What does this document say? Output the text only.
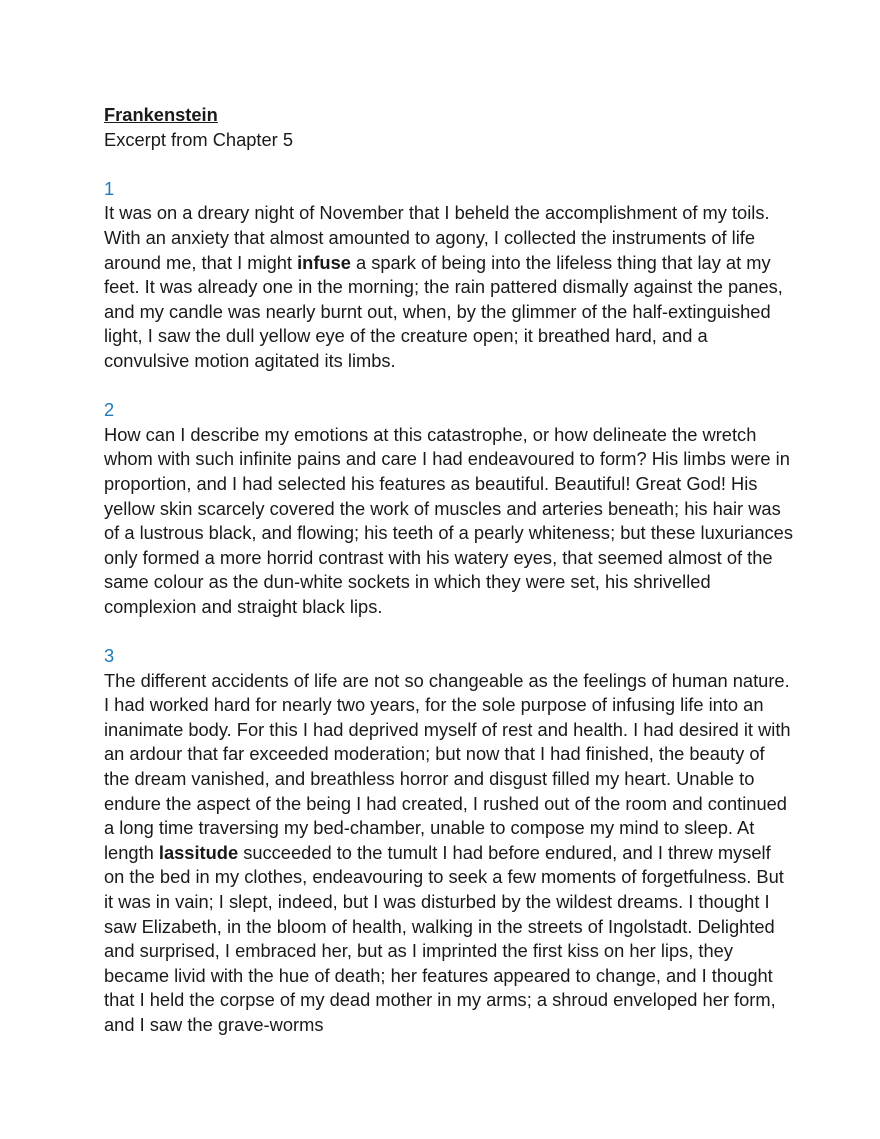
Frankenstein

Excerpt from Chapter 5

1

It was on a dreary night of November that I beheld the accomplishment of my toils. With an anxiety that almost amounted to agony, I collected the instruments of life around me, that I might infuse a spark of being into the lifeless thing that lay at my feet. It was already one in the morning; the rain pattered dismally against the panes, and my candle was nearly burnt out, when, by the glimmer of the half-extinguished light, I saw the dull yellow eye of the creature open; it breathed hard, and a convulsive motion agitated its limbs.

2

How can I describe my emotions at this catastrophe, or how delineate the wretch whom with such infinite pains and care I had endeavoured to form? His limbs were in proportion, and I had selected his features as beautiful. Beautiful! Great God! His yellow skin scarcely covered the work of muscles and arteries beneath; his hair was of a lustrous black, and flowing; his teeth of a pearly whiteness; but these luxuriances only formed a more horrid contrast with his watery eyes, that seemed almost of the same colour as the dun-white sockets in which they were set, his shrivelled complexion and straight black lips.

3

The different accidents of life are not so changeable as the feelings of human nature. I had worked hard for nearly two years, for the sole purpose of infusing life into an inanimate body. For this I had deprived myself of rest and health. I had desired it with an ardour that far exceeded moderation; but now that I had finished, the beauty of the dream vanished, and breathless horror and disgust filled my heart. Unable to endure the aspect of the being I had created, I rushed out of the room and continued a long time traversing my bed-chamber, unable to compose my mind to sleep. At length lassitude succeeded to the tumult I had before endured, and I threw myself on the bed in my clothes, endeavouring to seek a few moments of forgetfulness. But it was in vain; I slept, indeed, but I was disturbed by the wildest dreams. I thought I saw Elizabeth, in the bloom of health, walking in the streets of Ingolstadt. Delighted and surprised, I embraced her, but as I imprinted the first kiss on her lips, they became livid with the hue of death; her features appeared to change, and I thought that I held the corpse of my dead mother in my arms; a shroud enveloped her form, and I saw the grave-worms
